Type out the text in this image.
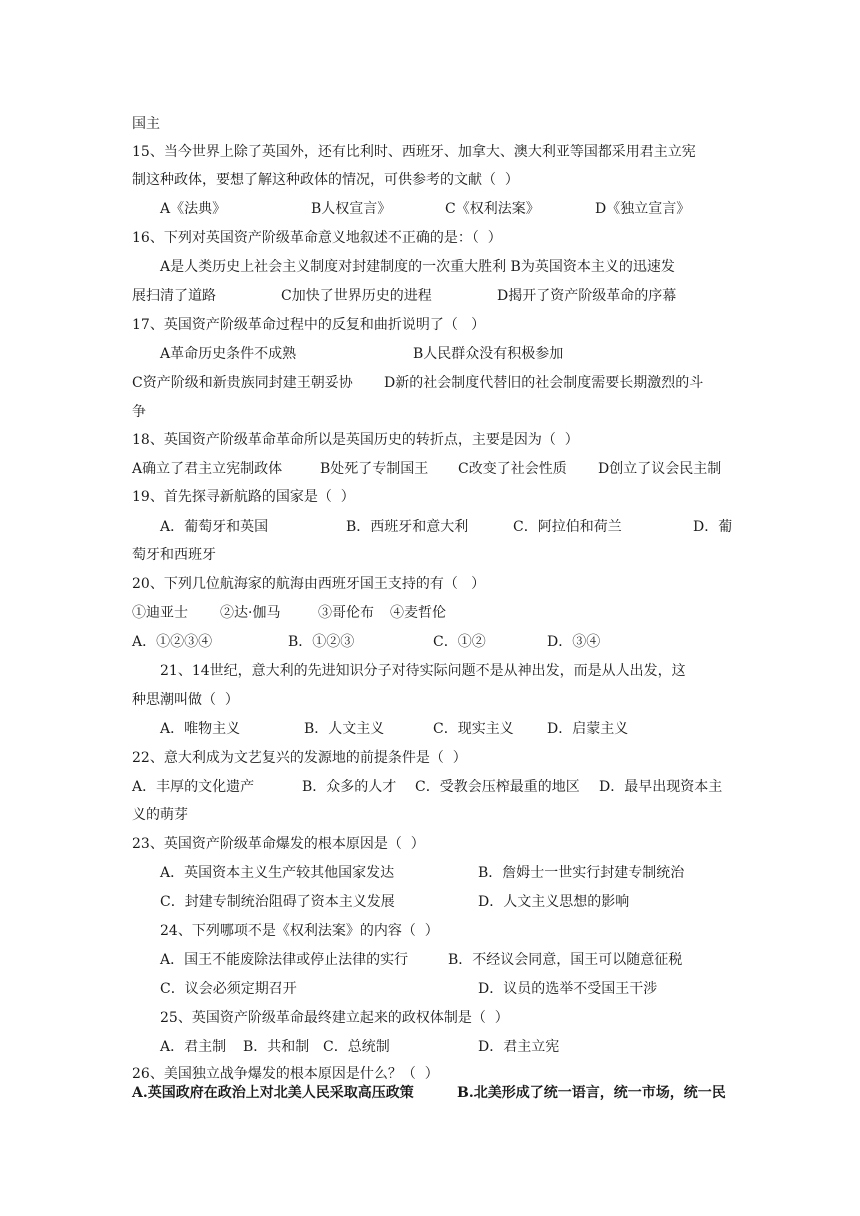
国主
15、当今世界上除了英国外，还有比利时、西班牙、加拿大、澳大利亚等国都采用君主立宪
制这种政体，要想了解这种政体的情况，可供参考的文献（  ）
A《法典》	B人权宣言》	C《权利法案》	D《独立宣言》
16、下列对英国资产阶级革命意义地叙述不正确的是：（  ）
A是人类历史上社会主义制度对封建制度的一次重大胜利 B为英国资本主义的迅速发
展扫清了道路	C加快了世界历史的进程	D揭开了资产阶级革命的序幕
17、英国资产阶级革命过程中的反复和曲折说明了（   ）
A革命历史条件不成熟	B人民群众没有积极参加
C资产阶级和新贵族同封建王朝妥协 D新的社会制度代替旧的社会制度需要长期激烈的斗
争
18、英国资产阶级革命革命所以是英国历史的转折点，主要是因为（  ）
A确立了君主立宪制政体	B处死了专制国王 C改变了社会性质 D创立了议会民主制
19、首先探寻新航路的国家是（  ）
A．葡萄牙和英国	B．西班牙和意大利	C．阿拉伯和荷兰	D．葡
萄牙和西班牙
20、下列几位航海家的航海由西班牙国王支持的有（   ）
①迪亚士 ②达·伽马	③哥伦布 ④麦哲伦
A．①②③④	B．①②③	C．①②	D．③④
21、14世纪，意大利的先进知识分子对待实际问题不是从神出发，而是从人出发，这
种思潮叫做（  ）
A．唯物主义	B．人文主义	C．现实主义 D．启蒙主义
22、意大利成为文艺复兴的发源地的前提条件是（  ）
A．丰厚的文化遗产	B．众多的人才 C．受教会压榨最重的地区 D．最早出现资本主
义的萌芽
23、英国资产阶级革命爆发的根本原因是（  ）
A．英国资本主义生产较其他国家发达	B．詹姆士一世实行封建专制统治
C．封建专制统治阻碍了资本主义发展	D．人文主义思想的影响
24、下列哪项不是《权利法案》的内容（  ）
A．国王不能废除法律或停止法律的实行	B．不经议会同意，国王可以随意征税
C．议会必须定期召开	D．议员的选举不受国王干涉
25、英国资产阶级革命最终建立起来的政权体制是（  ）
A．君主制 B．共和制 C．总统制	D．君主立宪
26、美国独立战争爆发的根本原因是什么？（  ）
A.英国政府在政治上对北美人民采取高压政策	B.北美形成了统一语言，统一市场，统一民
